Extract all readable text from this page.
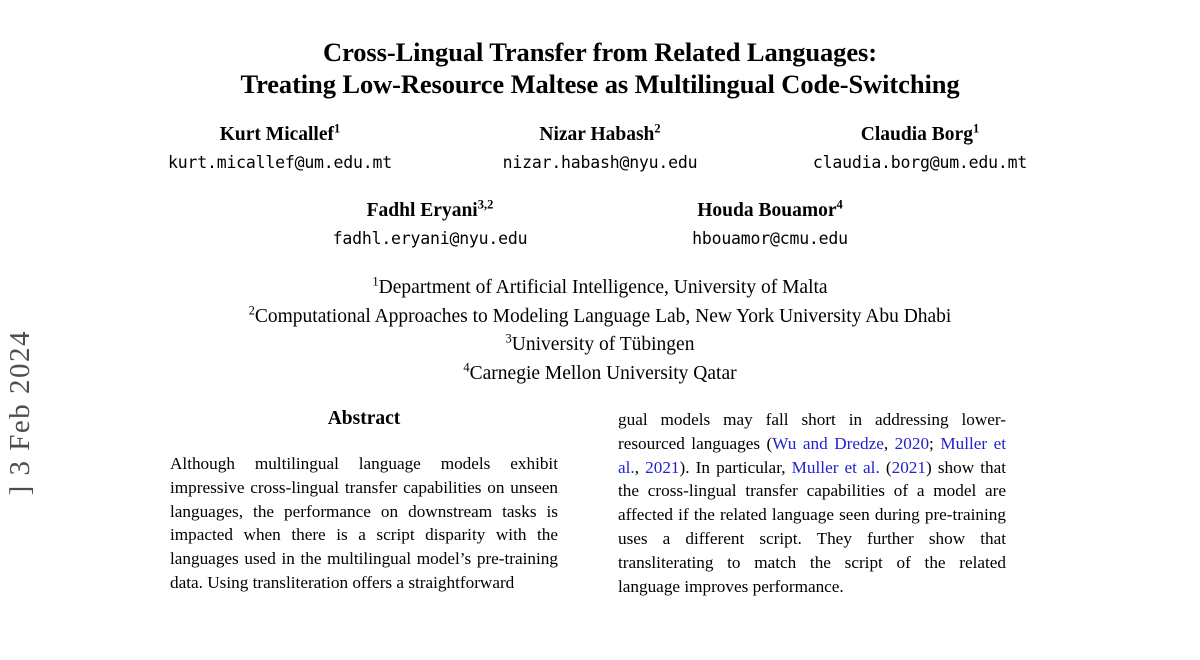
] 3 Feb 2024
Cross-Lingual Transfer from Related Languages:
Treating Low-Resource Maltese as Multilingual Code-Switching
Kurt Micallef$^1$
kurt.micallef@um.edu.mt
Nizar Habash$^2$
nizar.habash@nyu.edu
Claudia Borg$^1$
claudia.borg@um.edu.mt
Fadhl Eryani$^{3,2}$
fadhl.eryani@nyu.edu
Houda Bouamor$^4$
hbouamor@cmu.edu
$^1$Department of Artificial Intelligence, University of Malta
$^2$Computational Approaches to Modeling Language Lab, New York University Abu Dhabi
$^3$University of Tübingen
$^4$Carnegie Mellon University Qatar
Abstract
Although multilingual language models exhibit impressive cross-lingual transfer capabilities on unseen languages, the performance on downstream tasks is impacted when there is a script disparity with the languages used in the multilingual model’s pre-training data. Using transliteration offers a straightforward
gual models may fall short in addressing lower-resourced languages (Wu and Dredze, 2020; Muller et al., 2021). In particular, Muller et al. (2021) show that the cross-lingual transfer capabilities of a model are affected if the related language seen during pre-training uses a different script. They further show that transliterating to match the script of the related language improves performance.
